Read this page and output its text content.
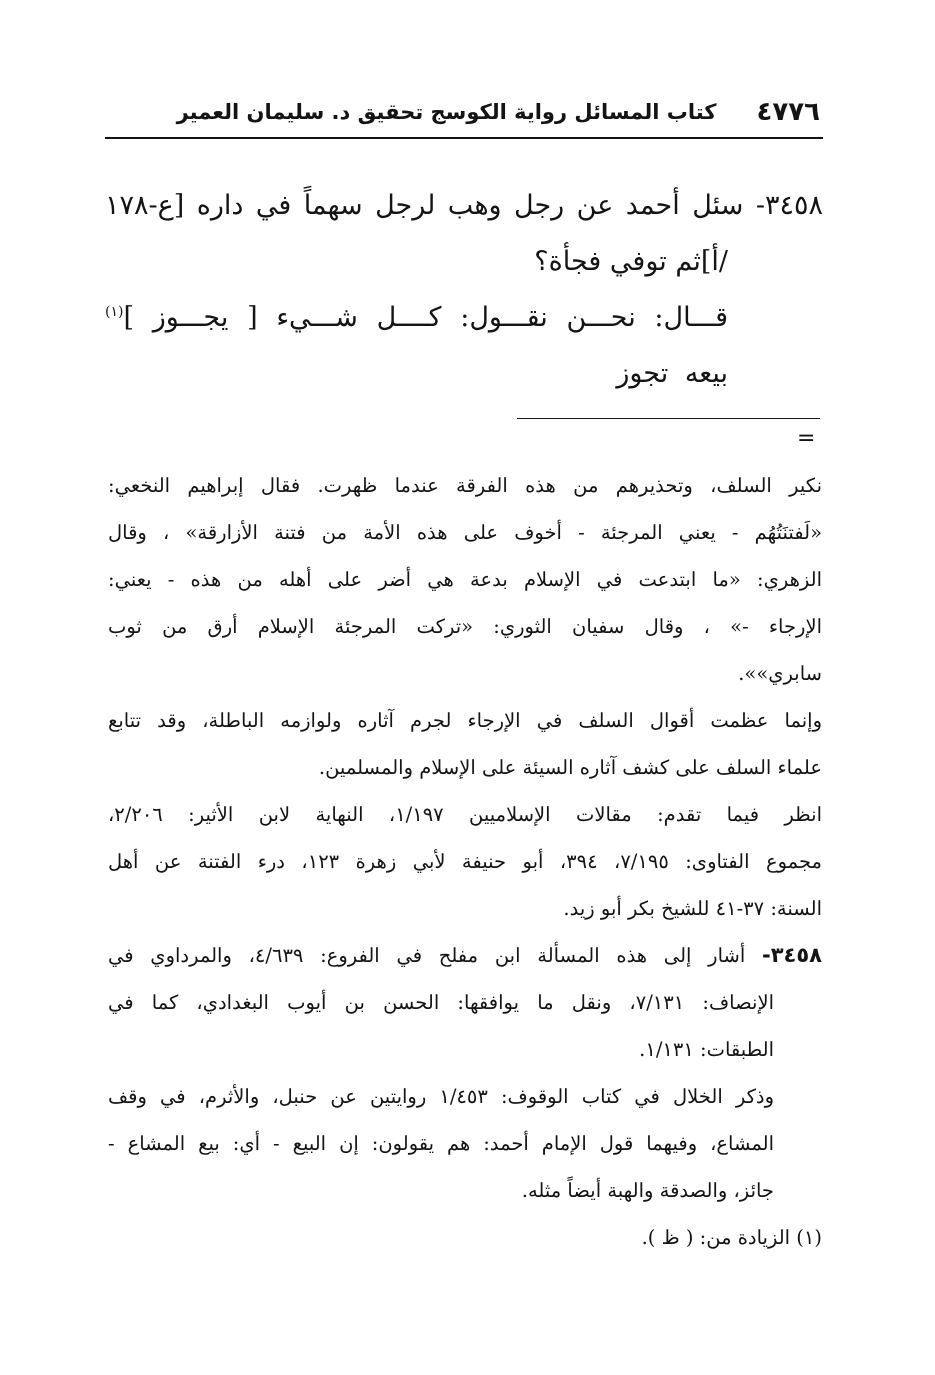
٤٧٧٦
كتاب المسائل رواية الكوسج تحقيق د. سليمان العمير

٣٤٥٨- سئل أحمد عن رجل وهب لرجل سهماً في داره [ع-١٧٨

/أ]ثم توفي فجأة؟

قـــال: نحـــن نقـــول: كــــل شـــيء [ يجـــوز ]$^{(١)}$ بيعه تجوز

=

نكير السلف، وتحذيرهم من هذه الفرقة عندما ظهرت. فقال إبراهيم النخعي:

«لَفتنَتُهُم - يعني المرجئة - أخوف على هذه الأمة من فتنة الأزارقة» ، وقال

الزهري: «ما ابتدعت في الإسلام بدعة هي أضر على أهله من هذه - يعني:

الإرجاء -» ، وقال سفيان الثوري: «تركت المرجئة الإسلام أرق من ثوب

سابري»».

وإنما عظمت أقوال السلف في الإرجاء لجرم آثاره ولوازمه الباطلة، وقد تتابع

علماء السلف على كشف آثاره السيئة على الإسلام والمسلمين.

انظر فيما تقدم: مقالات الإسلاميين ١/١٩٧، النهاية لابن الأثير: ٢/٢٠٦،

مجموع الفتاوى: ٧/١٩٥، ٣٩٤، أبو حنيفة لأبي زهرة ١٢٣، درء الفتنة عن أهل

السنة: ٣٧-٤١ للشيخ بكر أبو زيد.

٣٤٥٨- أشار إلى هذه المسألة ابن مفلح في الفروع: ٤/٦٣٩، والمرداوي في

الإنصاف: ٧/١٣١، ونقل ما يوافقها: الحسن بن أيوب البغدادي، كما في

الطبقات: ١/١٣١.

وذكر الخلال في كتاب الوقوف: ١/٤٥٣ روايتين عن حنبل، والأثرم، في وقف

المشاع، وفيهما قول الإمام أحمد: هم يقولون: إن البيع - أي: بيع المشاع -

جائز، والصدقة والهبة أيضاً مثله.

(١) الزيادة من: ( ظ ).
